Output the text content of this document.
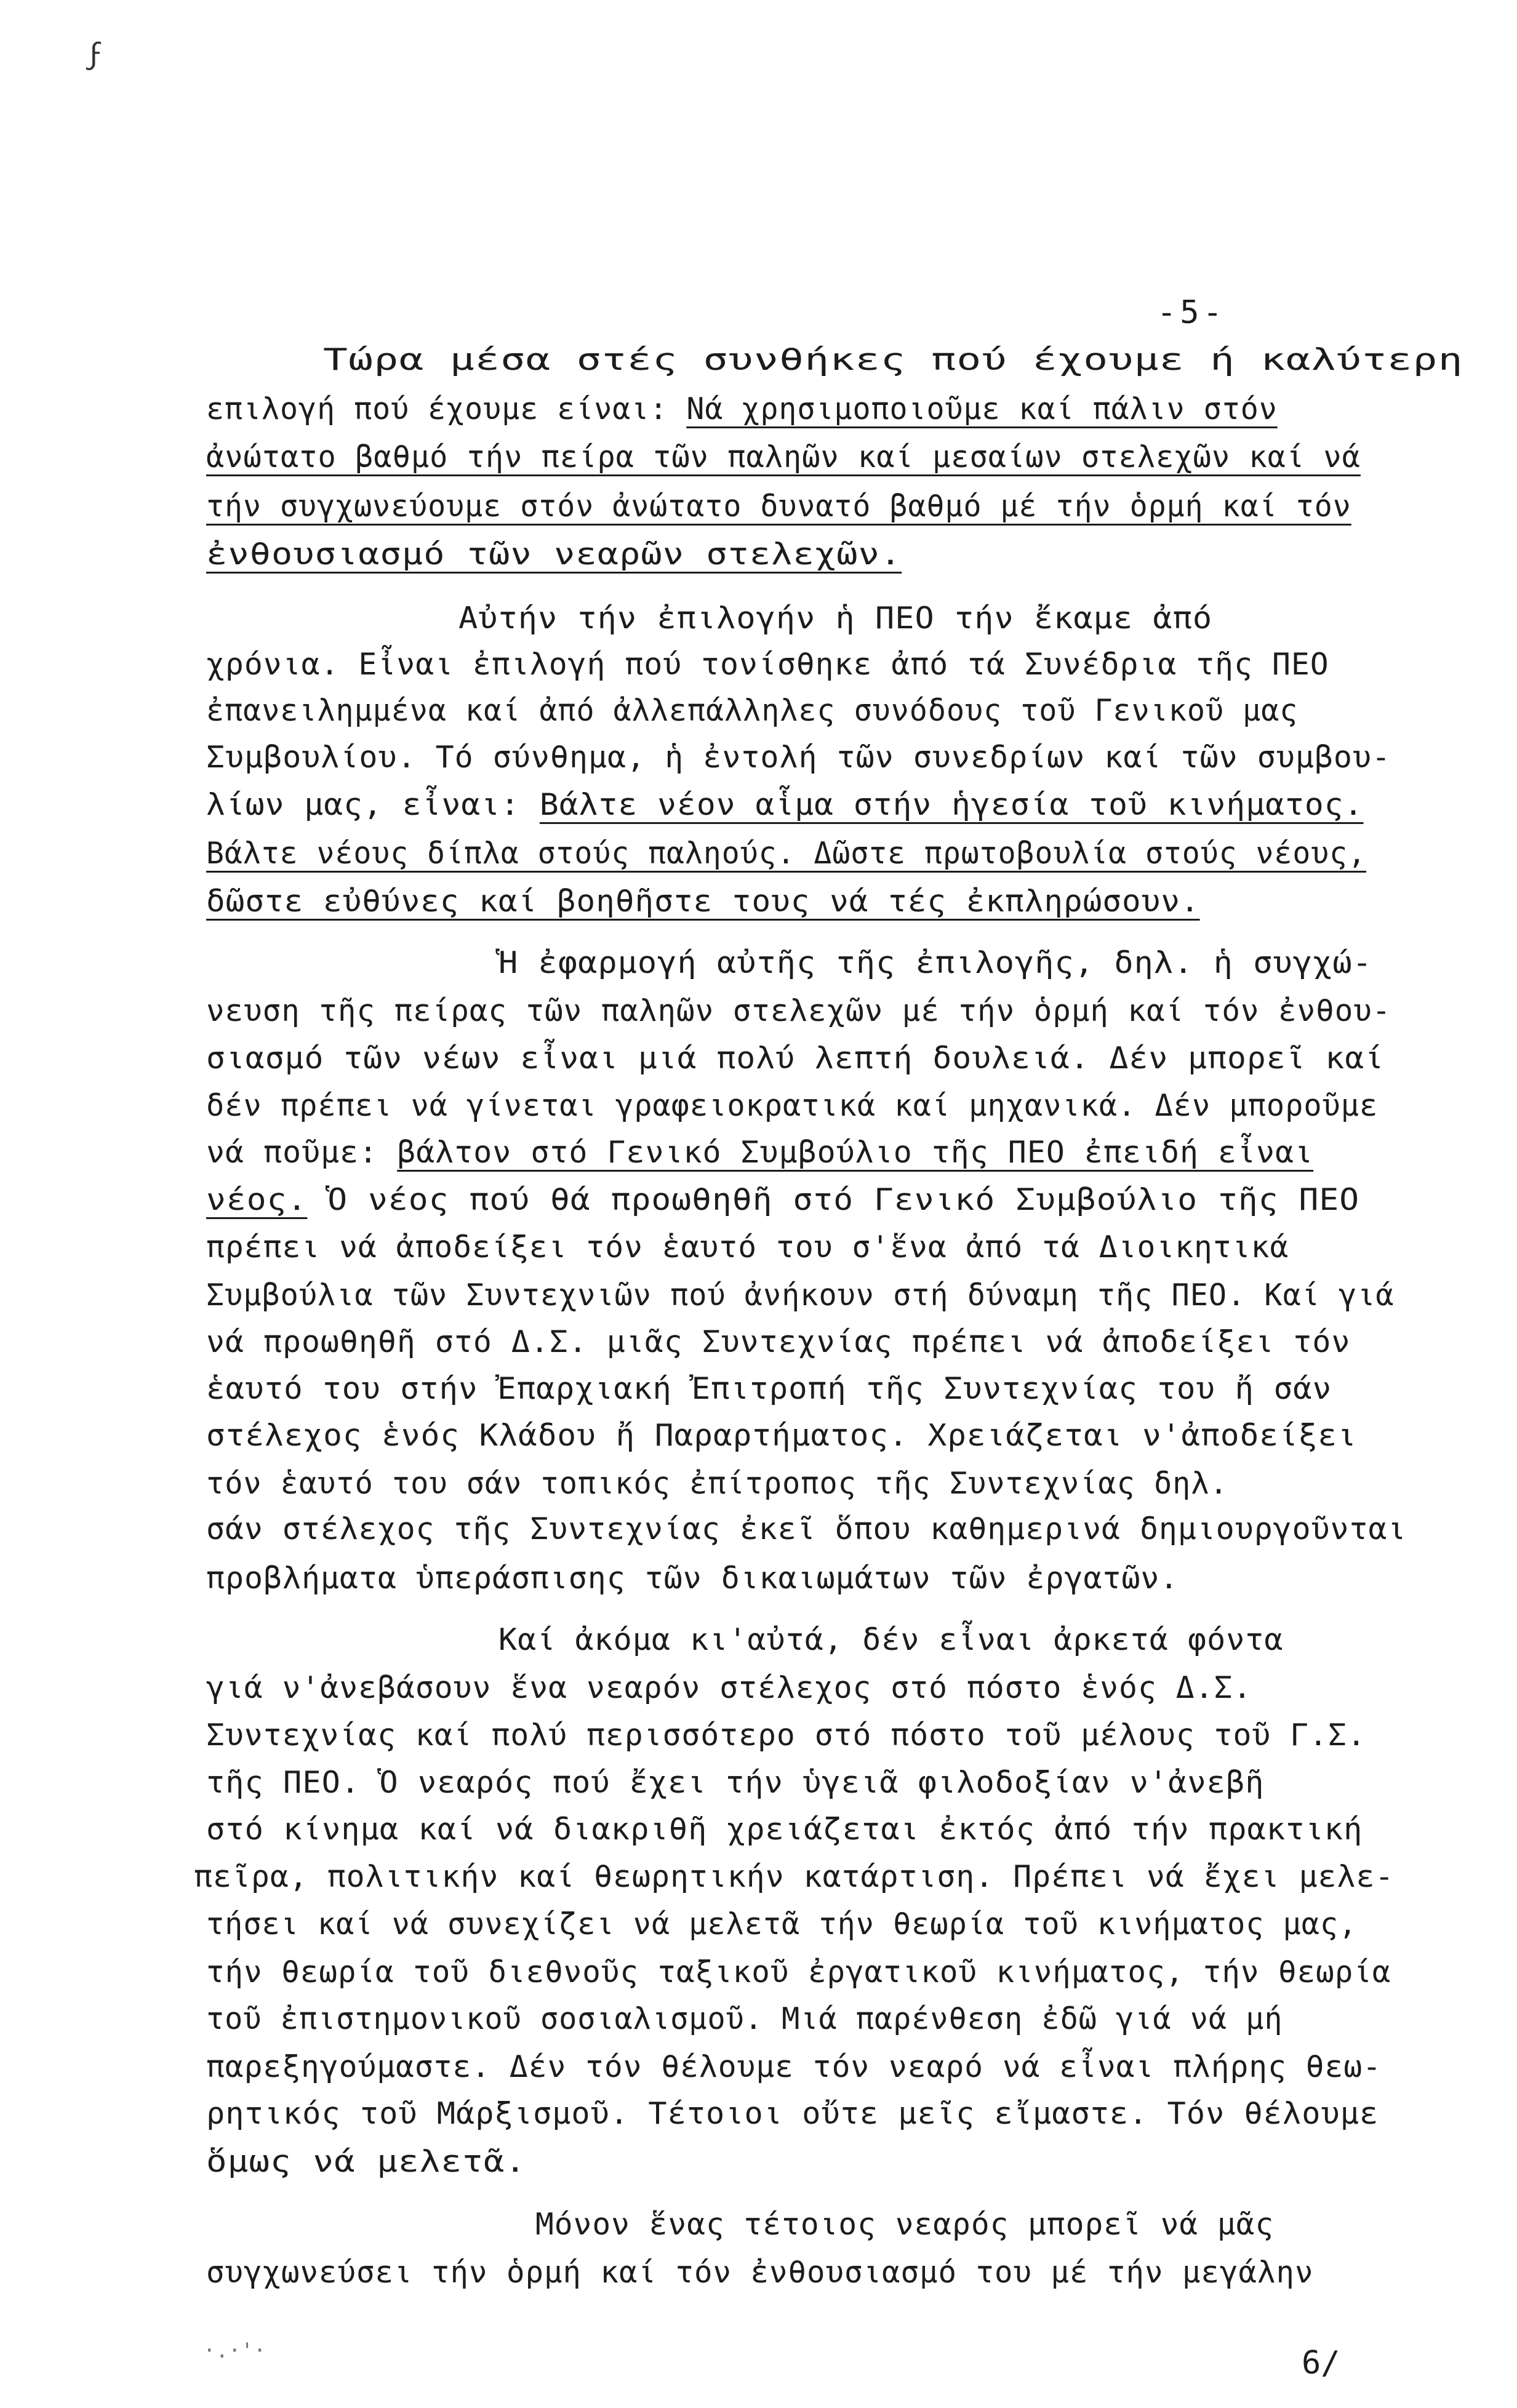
ϝ
-5-
Τώρα μέσα στές συνθήκες πού έχουμε ή καλύτερη
επιλογή πού έχουμε είναι: Νά χρησιμοποιοῦμε καί πάλιν στόν
ἀνώτατο βαθμό τήν πείρα τῶν παληῶν καί μεσαίων στελεχῶν καί νά
τήν συγχωνεύουμε στόν ἀνώτατο δυνατό βαθμό μέ τήν ὁρμή καί τόν
ἐνθουσιασμό τῶν νεαρῶν στελεχῶν.
Αὐτήν τήν ἐπιλογήν ἡ ΠΕΟ τήν ἔκαμε ἀπό
χρόνια. Εἶναι ἐπιλογή πού τονίσθηκε ἀπό τά Συνέδρια τῆς ΠΕΟ
ἐπανειλημμένα καί ἀπό ἀλλεπάλληλες συνόδους τοῦ Γενικοῦ μας
Συμβουλίου. Τό σύνθημα, ἡ ἐντολή τῶν συνεδρίων καί τῶν συμβου-
λίων μας, εἶναι: Βάλτε νέον αἷμα στήν ἡγεσία τοῦ κινήματος.
Βάλτε νέους δίπλα στούς παληούς. Δῶστε πρωτοβουλία στούς νέους,
δῶστε εὐθύνες καί βοηθῆστε τους νά τές ἐκπληρώσουν.
Ἡ ἐφαρμογή αὐτῆς τῆς ἐπιλογῆς, δηλ. ἡ συγχώ-
νευση τῆς πείρας τῶν παληῶν στελεχῶν μέ τήν ὁρμή καί τόν ἐνθου-
σιασμό τῶν νέων εἶναι μιά πολύ λεπτή δουλειά. Δέν μπορεῖ καί
δέν πρέπει νά γίνεται γραφειοκρατικά καί μηχανικά. Δέν μποροῦμε
νά ποῦμε: βάλτον στό Γενικό Συμβούλιο τῆς ΠΕΟ ἐπειδή εἶναι
νέος. Ὁ νέος πού θά προωθηθῆ στό Γενικό Συμβούλιο τῆς ΠΕΟ
πρέπει νά ἀποδείξει τόν ἑαυτό του σ'ἕνα ἀπό τά Διοικητικά
Συμβούλια τῶν Συντεχνιῶν πού ἀνήκουν στή δύναμη τῆς ΠΕΟ. Καί γιά
νά προωθηθῆ στό Δ.Σ. μιᾶς Συντεχνίας πρέπει νά ἀποδείξει τόν
ἑαυτό του στήν Ἐπαρχιακή Ἐπιτροπή τῆς Συντεχνίας του ἤ σάν
στέλεχος ἑνός Κλάδου ἤ Παραρτήματος. Χρειάζεται ν'ἀποδείξει
τόν ἑαυτό του σάν τοπικός ἐπίτροπος τῆς Συντεχνίας δηλ.
σάν στέλεχος τῆς Συντεχνίας ἐκεῖ ὅπου καθημερινά δημιουργοῦνται
προβλήματα ὑπεράσπισης τῶν δικαιωμάτων τῶν ἐργατῶν.
Καί ἀκόμα κι'αὐτά, δέν εἶναι ἀρκετά φόντα
γιά ν'ἀνεβάσουν ἕνα νεαρόν στέλεχος στό πόστο ἑνός Δ.Σ.
Συντεχνίας καί πολύ περισσότερο στό πόστο τοῦ μέλους τοῦ Γ.Σ.
τῆς ΠΕΟ. Ὁ νεαρός πού ἔχει τήν ὑγειᾶ φιλοδοξίαν ν'ἀνεβῆ
στό κίνημα καί νά διακριθῆ χρειάζεται ἐκτός ἀπό τήν πρακτική
πεῖρα, πολιτικήν καί θεωρητικήν κατάρτιση. Πρέπει νά ἔχει μελε-
τήσει καί νά συνεχίζει νά μελετᾶ τήν θεωρία τοῦ κινήματος μας,
τήν θεωρία τοῦ διεθνοῦς ταξικοῦ ἐργατικοῦ κινήματος, τήν θεωρία
τοῦ ἐπιστημονικοῦ σοσιαλισμοῦ. Μιά παρένθεση ἐδῶ γιά νά μή
παρεξηγούμαστε. Δέν τόν θέλουμε τόν νεαρό νά εἶναι πλήρης θεω-
ρητικός τοῦ Μάρξισμοῦ. Τέτοιοι οὔτε μεῖς εἴμαστε. Τόν θέλουμε
ὅμως νά μελετᾶ.
Μόνον ἕνας τέτοιος νεαρός μπορεῖ νά μᾶς
συγχωνεύσει τήν ὁρμή καί τόν ἐνθουσιασμό του μέ τήν μεγάλην
·.·'·	6/
